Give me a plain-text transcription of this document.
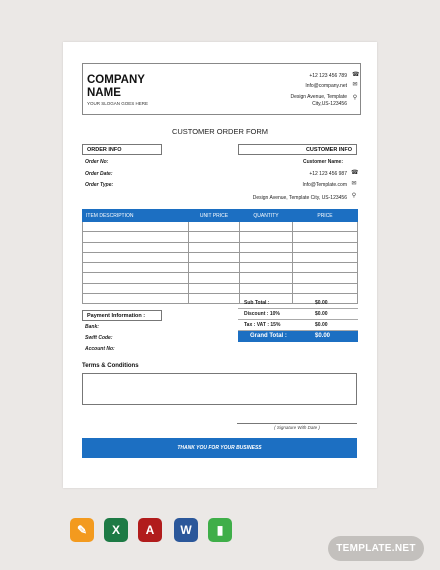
COMPANY NAME
YOUR SLOGAN GOES HERE
+12 123 456 789 ☎
Info@company.net ✉
Design Avenue, Template
City,US-123456
⚲
CUSTOMER ORDER FORM
ORDER INFO
Order No:
Order Date:
Order Type:
CUSTOMER INFO
Customer Name:
+12 123 456 987 ☎
Info@Template.com ✉
Design Avenue, Template City, US-123456 ⚲
ITEM DESCRIPTION	UNIT PRICE	QUANTITY	PRICE

Payment Information :
Bank:
Swift Code:
Account No:
Sub Total :	$0.00
Discount : 10%	$0.00
Tax : VAT : 15%	$0.00
Grand Total :	$0.00
Terms & Conditions
( Signature With Date )
THANK YOU FOR YOUR BUSINESS
✎	X	A	W	▮
TEMPLATE.NET
